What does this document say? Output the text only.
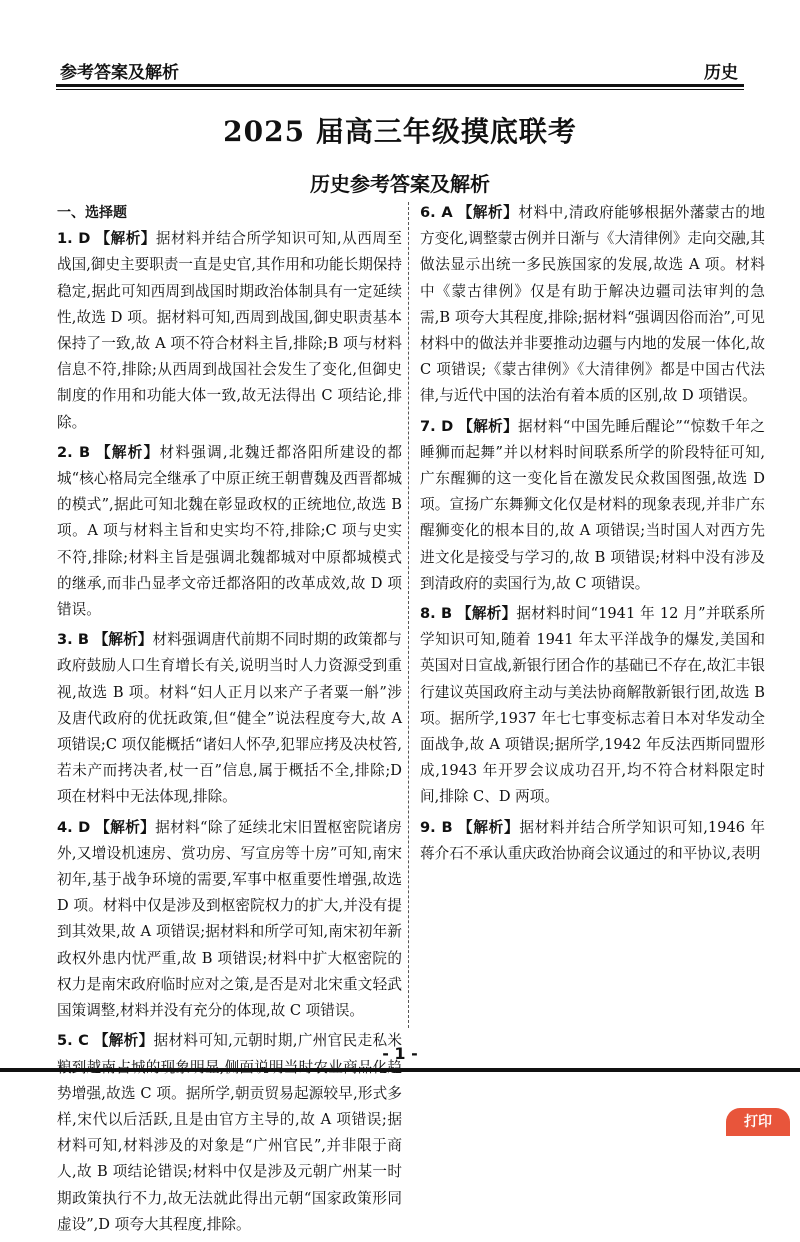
参考答案及解析	历史
2025 届高三年级摸底联考
历史参考答案及解析
一、选择题
1. D 【解析】据材料并结合所学知识可知,从西周至战国,御史主要职责一直是史官,其作用和功能长期保持稳定,据此可知西周到战国时期政治体制具有一定延续性,故选 D 项。据材料可知,西周到战国,御史职责基本保持了一致,故 A 项不符合材料主旨,排除;B 项与材料信息不符,排除;从西周到战国社会发生了变化,但御史制度的作用和功能大体一致,故无法得出 C 项结论,排除。
2. B 【解析】材料强调,北魏迁都洛阳所建设的都城“核心格局完全继承了中原正统王朝曹魏及西晋都城的模式”,据此可知北魏在彰显政权的正统地位,故选 B 项。A 项与材料主旨和史实均不符,排除;C 项与史实不符,排除;材料主旨是强调北魏都城对中原都城模式的继承,而非凸显孝文帝迁都洛阳的改革成效,故 D 项错误。
3. B 【解析】材料强调唐代前期不同时期的政策都与政府鼓励人口生育增长有关,说明当时人力资源受到重视,故选 B 项。材料“妇人正月以来产子者粟一斛”涉及唐代政府的优抚政策,但“健全”说法程度夸大,故 A 项错误;C 项仅能概括“诸妇人怀孕,犯罪应拷及决杖笞,若未产而拷决者,杖一百”信息,属于概括不全,排除;D 项在材料中无法体现,排除。
4. D 【解析】据材料“除了延续北宋旧置枢密院诸房外,又增设机速房、赏功房、写宣房等十房”可知,南宋初年,基于战争环境的需要,军事中枢重要性增强,故选 D 项。材料中仅是涉及到枢密院权力的扩大,并没有提到其效果,故 A 项错误;据材料和所学可知,南宋初年新政权外患内忧严重,故 B 项错误;材料中扩大枢密院的权力是南宋政府临时应对之策,是否是对北宋重文轻武国策调整,材料并没有充分的体现,故 C 项错误。
5. C 【解析】据材料可知,元朝时期,广州官民走私米粮到越南占城的现象明显,侧面说明当时农业商品化趋势增强,故选 C 项。据所学,朝贡贸易起源较早,形式多样,宋代以后活跃,且是由官方主导的,故 A 项错误;据材料可知,材料涉及的对象是“广州官民”,并非限于商人,故 B 项结论错误;材料中仅是涉及元朝广州某一时期政策执行不力,故无法就此得出元朝“国家政策形同虚设”,D 项夸大其程度,排除。
6. A 【解析】材料中,清政府能够根据外藩蒙古的地方变化,调整蒙古例并日渐与《大清律例》走向交融,其做法显示出统一多民族国家的发展,故选 A 项。材料中《蒙古律例》仅是有助于解决边疆司法审判的急需,B 项夸大其程度,排除;据材料“强调因俗而治”,可见材料中的做法并非要推动边疆与内地的发展一体化,故 C 项错误;《蒙古律例》《大清律例》都是中国古代法律,与近代中国的法治有着本质的区别,故 D 项错误。
7. D 【解析】据材料“中国先睡后醒论”“惊数千年之睡狮而起舞”并以材料时间联系所学的阶段特征可知,广东醒狮的这一变化旨在激发民众救国图强,故选 D 项。宣扬广东舞狮文化仅是材料的现象表现,并非广东醒狮变化的根本目的,故 A 项错误;当时国人对西方先进文化是接受与学习的,故 B 项错误;材料中没有涉及到清政府的卖国行为,故 C 项错误。
8. B 【解析】据材料时间“1941 年 12 月”并联系所学知识可知,随着 1941 年太平洋战争的爆发,美国和英国对日宣战,新银行团合作的基础已不存在,故汇丰银行建议英国政府主动与美法协商解散新银行团,故选 B 项。据所学,1937 年七七事变标志着日本对华发动全面战争,故 A 项错误;据所学,1942 年反法西斯同盟形成,1943 年开罗会议成功召开,均不符合材料限定时间,排除 C、D 两项。
9. B 【解析】据材料并结合所学知识可知,1946 年蒋介石不承认重庆政治协商会议通过的和平协议,表明
- 1 -
打印
